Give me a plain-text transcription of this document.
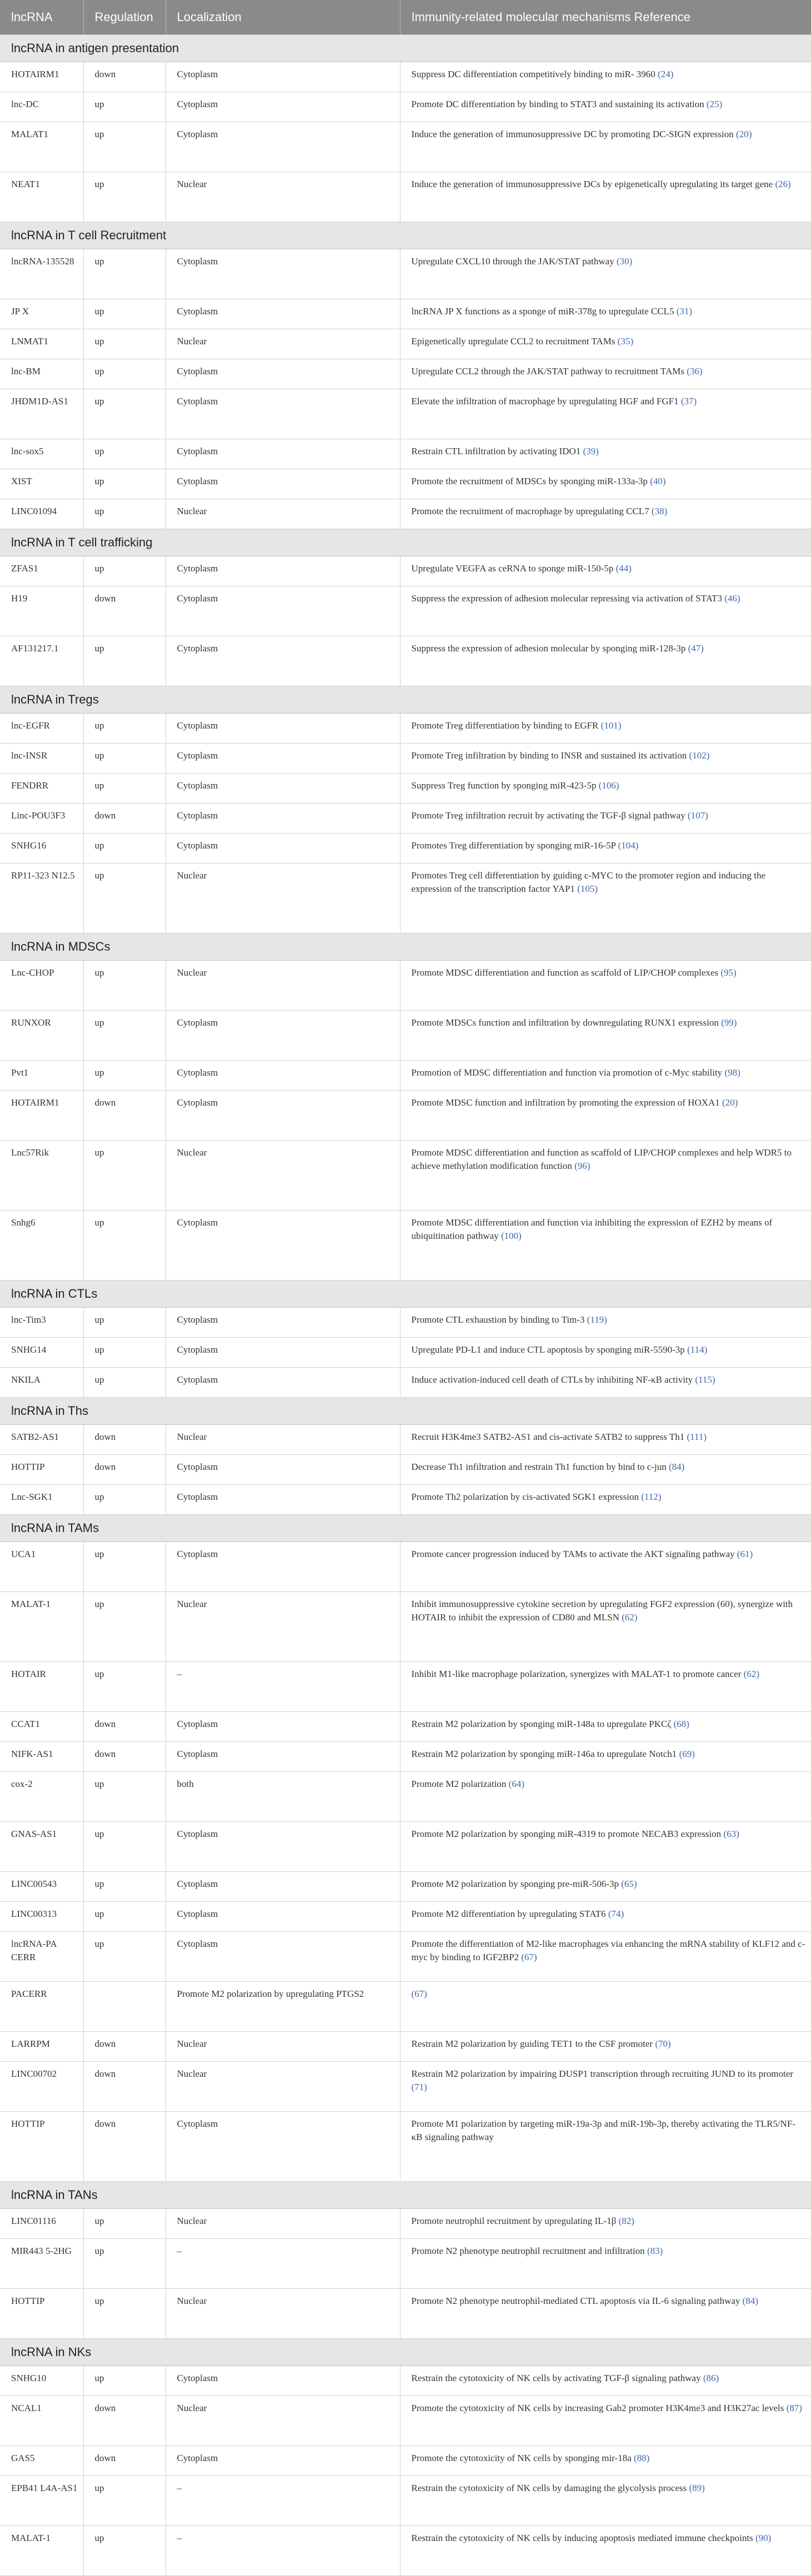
lncRNA	Regulation	Localization	Immunity-related molecular mechanisms Reference
lncRNA in antigen presentation			
HOTAIRM1	down	Cytoplasm	Suppress DC differentiation competitively binding to miR- 3960 (24)
lnc-DC	up	Cytoplasm	Promote DC differentiation by binding to STAT3 and sustaining its activation (25)
MALAT1	up	Cytoplasm	Induce the generation of immunosuppressive DC by promoting DC-SIGN expression (20)
NEAT1	up	Nuclear	Induce the generation of immunosuppressive DCs by epigenetically upregulating its target gene (26)
lncRNA in T cell Recruitment			
lncRNA-135528	up	Cytoplasm	Upregulate CXCL10 through the JAK/STAT pathway (30)
JP X	up	Cytoplasm	lncRNA JP X functions as a sponge of miR-378g to upregulate CCL5 (31)
LNMAT1	up	Nuclear	Epigenetically upregulate CCL2 to recruitment TAMs (35)
lnc-BM	up	Cytoplasm	Upregulate CCL2 through the JAK/STAT pathway to recruitment TAMs (36)
JHDM1D-AS1	up	Cytoplasm	Elevate the infiltration of macrophage by upregulating HGF and FGF1 (37)
lnc-sox5	up	Cytoplasm	Restrain CTL infiltration by activating IDO1 (39)
XIST	up	Cytoplasm	Promote the recruitment of MDSCs by sponging miR-133a-3p (40)
LINC01094	up	Nuclear	Promote the recruitment of macrophage by upregulating CCL7 (38)
lncRNA in T cell trafficking			
ZFAS1	up	Cytoplasm	Upregulate VEGFA as ceRNA to sponge miR-150-5p (44)
H19	down	Cytoplasm	Suppress the expression of adhesion molecular repressing via activation of STAT3 (46)
AF131217.1	up	Cytoplasm	Suppress the expression of adhesion molecular by sponging miR-128-3p (47)
lncRNA in Tregs			
lnc-EGFR	up	Cytoplasm	Promote Treg differentiation by binding to EGFR (101)
lnc-INSR	up	Cytoplasm	Promote Treg infiltration by binding to INSR and sustained its activation (102)
FENDRR	up	Cytoplasm	Suppress Treg function by sponging miR-423-5p (106)
Linc-POU3F3	down	Cytoplasm	Promote Treg infiltration recruit by activating the TGF-β signal pathway (107)
SNHG16	up	Cytoplasm	Promotes Treg differentiation by sponging miR-16-5P (104)
RP11-323 N12.5	up	Nuclear	Promotes Treg cell differentiation by guiding c-MYC to the promoter region and inducing the expression of the transcription factor YAP1 (105)
lncRNA in MDSCs			
Lnc-CHOP	up	Nuclear	Promote MDSC differentiation and function as scaffold of LIP/CHOP complexes (95)
RUNXOR	up	Cytoplasm	Promote MDSCs function and infiltration by downregulating RUNX1 expression (99)
Pvt1	up	Cytoplasm	Promotion of MDSC differentiation and function via promotion of c-Myc stability (98)
HOTAIRM1	down	Cytoplasm	Promote MDSC function and infiltration by promoting the expression of HOXA1 (20)
Lnc57Rik	up	Nuclear	Promote MDSC differentiation and function as scaffold of LIP/CHOP complexes and help WDR5 to achieve methylation modification function (96)
Snhg6	up	Cytoplasm	Promote MDSC differentiation and function via inhibiting the expression of EZH2 by means of ubiquitination pathway (100)
lncRNA in CTLs			
lnc-Tim3	up	Cytoplasm	Promote CTL exhaustion by binding to Tim-3 (119)
SNHG14	up	Cytoplasm	Upregulate PD-L1 and induce CTL apoptosis by sponging miR-5590-3p (114)
NKILA	up	Cytoplasm	Induce activation-induced cell death of CTLs by inhibiting NF-κB activity (115)
lncRNA in Ths			
SATB2-AS1	down	Nuclear	Recruit H3K4me3 SATB2-AS1 and cis-activate SATB2 to suppress Th1 (111)
HOTTIP	down	Cytoplasm	Decrease Th1 infiltration and restrain Th1 function by bind to c-jun (84)
Lnc-SGK1	up	Cytoplasm	Promote Th2 polarization by cis-activated SGK1 expression (112)
lncRNA in TAMs			
UCA1	up	Cytoplasm	Promote cancer progression induced by TAMs to activate the AKT signaling pathway (61)
MALAT-1	up	Nuclear	Inhibit immunosuppressive cytokine secretion by upregulating FGF2 expression (60), synergize with HOTAIR to inhibit the expression of CD80 and MLSN (62)
HOTAIR	up	–	Inhibit M1-like macrophage polarization, synergizes with MALAT-1 to promote cancer (62)
CCAT1	down	Cytoplasm	Restrain M2 polarization by sponging miR-148a to upregulate PKCζ (68)
NIFK-AS1	down	Cytoplasm	Restrain M2 polarization by sponging miR-146a to upregulate Notch1 (69)
cox-2	up	both	Promote M2 polarization (64)
GNAS-AS1	up	Cytoplasm	Promote M2 polarization by sponging miR-4319 to promote NECAB3 expression (63)
LINC00543	up	Cytoplasm	Promote M2 polarization by sponging pre-miR-506-3p (65)
LINC00313	up	Cytoplasm	Promote M2 differentiation by upregulating STAT6 (74)
lncRNA-PA CERR	up	Cytoplasm	Promote the differentiation of M2-like macrophages via enhancing the mRNA stability of KLF12 and c-myc by binding to IGF2BP2 (67)
PACERR		Promote M2 polarization by upregulating PTGS2	(67)
LARRPM	down	Nuclear	Restrain M2 polarization by guiding TET1 to the CSF promoter (70)
LINC00702	down	Nuclear	Restrain M2 polarization by impairing DUSP1 transcription through recruiting JUND to its promoter (71)
HOTTIP	down	Cytoplasm	Promote M1 polarization by targeting miR-19a-3p and miR-19b-3p, thereby activating the TLR5/NF-κB signaling pathway
lncRNA in TANs			
LINC01116	up	Nuclear	Promote neutrophil recruitment by upregulating IL-1β (82)
MIR443 5-2HG	up	–	Promote N2 phenotype neutrophil recruitment and infiltration (83)
HOTTIP	up	Nuclear	Promote N2 phenotype neutrophil-mediated CTL apoptosis via IL-6 signaling pathway (84)
lncRNA in NKs			
SNHG10	up	Cytoplasm	Restrain the cytotoxicity of NK cells by activating TGF-β signaling pathway (86)
NCAL1	down	Nuclear	Promote the cytotoxicity of NK cells by increasing Gab2 promoter H3K4me3 and H3K27ac levels (87)
GAS5	down	Cytoplasm	Promote the cytotoxicity of NK cells by sponging mir-18a (88)
EPB41 L4A-AS1	up	–	Restrain the cytotoxicity of NK cells by damaging the glycolysis process (89)
MALAT-1	up	–	Restrain the cytotoxicity of NK cells by inducing apoptosis mediated immune checkpoints (90)
